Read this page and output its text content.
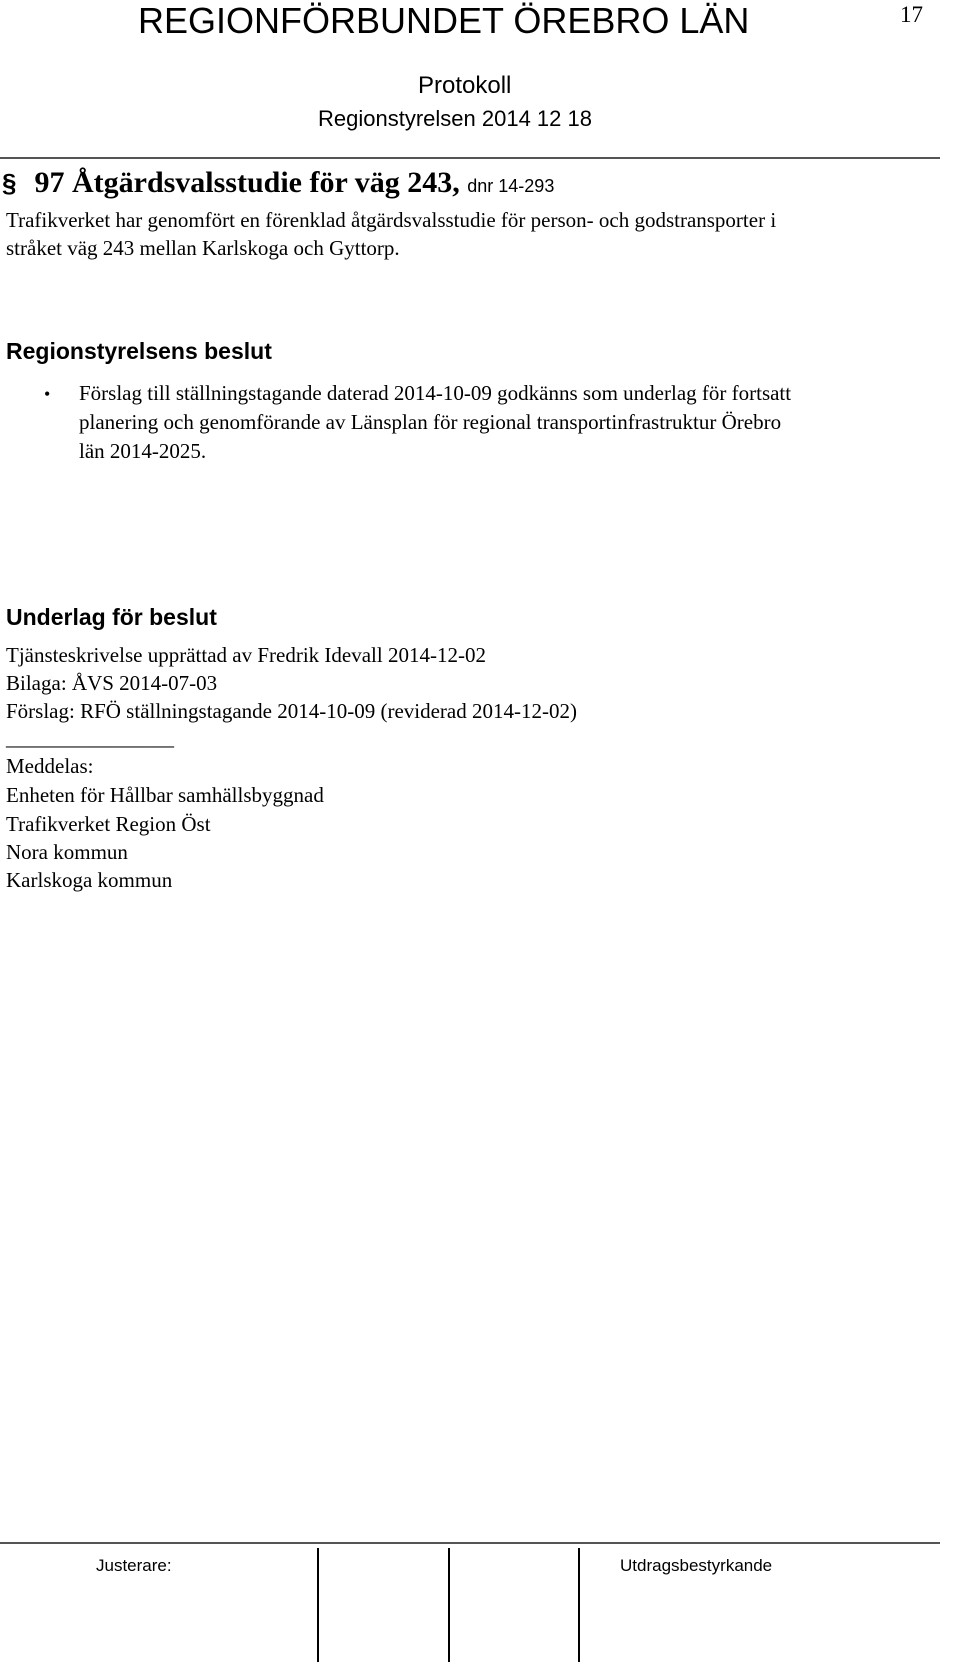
REGIONFÖRBUNDET ÖREBRO LÄN	17
Protokoll
Regionstyrelsen 2014 12 18
§ 97 Åtgärdsvalsstudie för väg 243, dnr 14-293
Trafikverket har genomfört en förenklad åtgärdsvalsstudie för person- och godstransporter i
stråket väg 243 mellan Karlskoga och Gyttorp.
Regionstyrelsens beslut
• Förslag till ställningstagande daterad 2014-10-09 godkänns som underlag för fortsatt
planering och genomförande av Länsplan för regional transportinfrastruktur Örebro
län 2014-2025.
Underlag för beslut
Tjänsteskrivelse upprättad av Fredrik Idevall 2014-12-02
Bilaga: ÅVS 2014-07-03
Förslag: RFÖ ställningstagande 2014-10-09 (reviderad 2014-12-02)
________________
Meddelas:
Enheten för Hållbar samhällsbyggnad
Trafikverket Region Öst
Nora kommun
Karlskoga kommun
Justerare:	Utdragsbestyrkande
